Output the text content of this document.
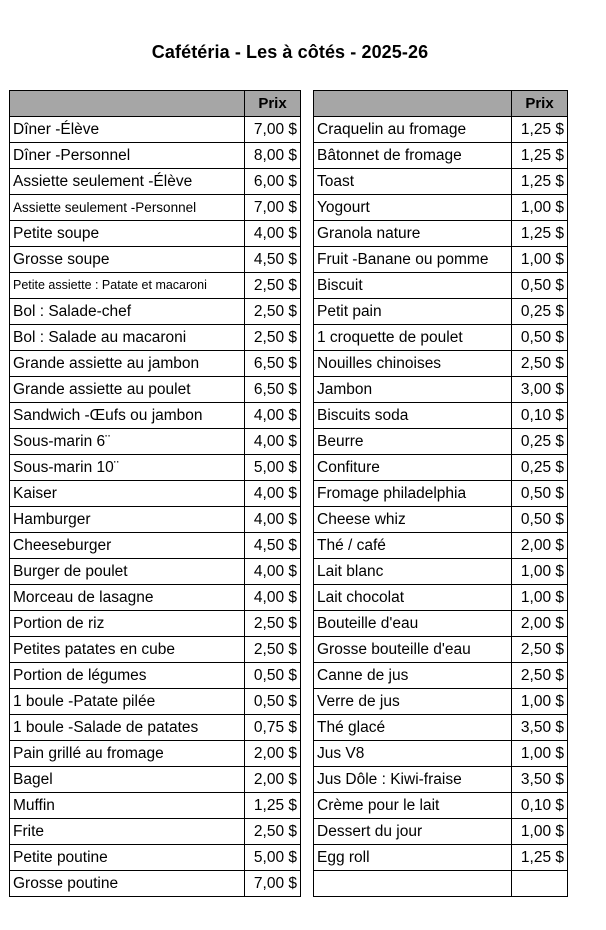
Cafétéria - Les à côtés - 2025-26
	Prix
Dîner -Élève	7,00 $
Dîner -Personnel	8,00 $
Assiette seulement -Élève	6,00 $
Assiette seulement -Personnel	7,00 $
Petite soupe	4,00 $
Grosse soupe	4,50 $
Petite assiette : Patate et macaroni	2,50 $
Bol : Salade-chef	2,50 $
Bol : Salade au macaroni	2,50 $
Grande assiette au jambon	6,50 $
Grande assiette au poulet	6,50 $
Sandwich -Œufs ou jambon	4,00 $
Sous-marin 6¨	4,00 $
Sous-marin 10¨	5,00 $
Kaiser	4,00 $
Hamburger	4,00 $
Cheeseburger	4,50 $
Burger de poulet	4,00 $
Morceau de lasagne	4,00 $
Portion de riz	2,50 $
Petites patates en cube	2,50 $
Portion de légumes	0,50 $
1 boule -Patate pilée	0,50 $
1 boule -Salade de patates	0,75 $
Pain grillé au fromage	2,00 $
Bagel	2,00 $
Muffin	1,25 $
Frite	2,50 $
Petite poutine	5,00 $
Grosse poutine	7,00 $
	Prix
Craquelin au fromage	1,25 $
Bâtonnet de fromage	1,25 $
Toast	1,25 $
Yogourt	1,00 $
Granola nature	1,25 $
Fruit -Banane ou pomme	1,00 $
Biscuit	0,50 $
Petit pain	0,25 $
1 croquette de poulet	0,50 $
Nouilles chinoises	2,50 $
Jambon	3,00 $
Biscuits soda	0,10 $
Beurre	0,25 $
Confiture	0,25 $
Fromage philadelphia	0,50 $
Cheese whiz	0,50 $
Thé / café	2,00 $
Lait blanc	1,00 $
Lait chocolat	1,00 $
Bouteille d'eau	2,00 $
Grosse bouteille d'eau	2,50 $
Canne de jus	2,50 $
Verre de jus	1,00 $
Thé glacé	3,50 $
Jus V8	1,00 $
Jus Dôle : Kiwi-fraise	3,50 $
Crème pour le lait	0,10 $
Dessert du jour	1,00 $
Egg roll	1,25 $
